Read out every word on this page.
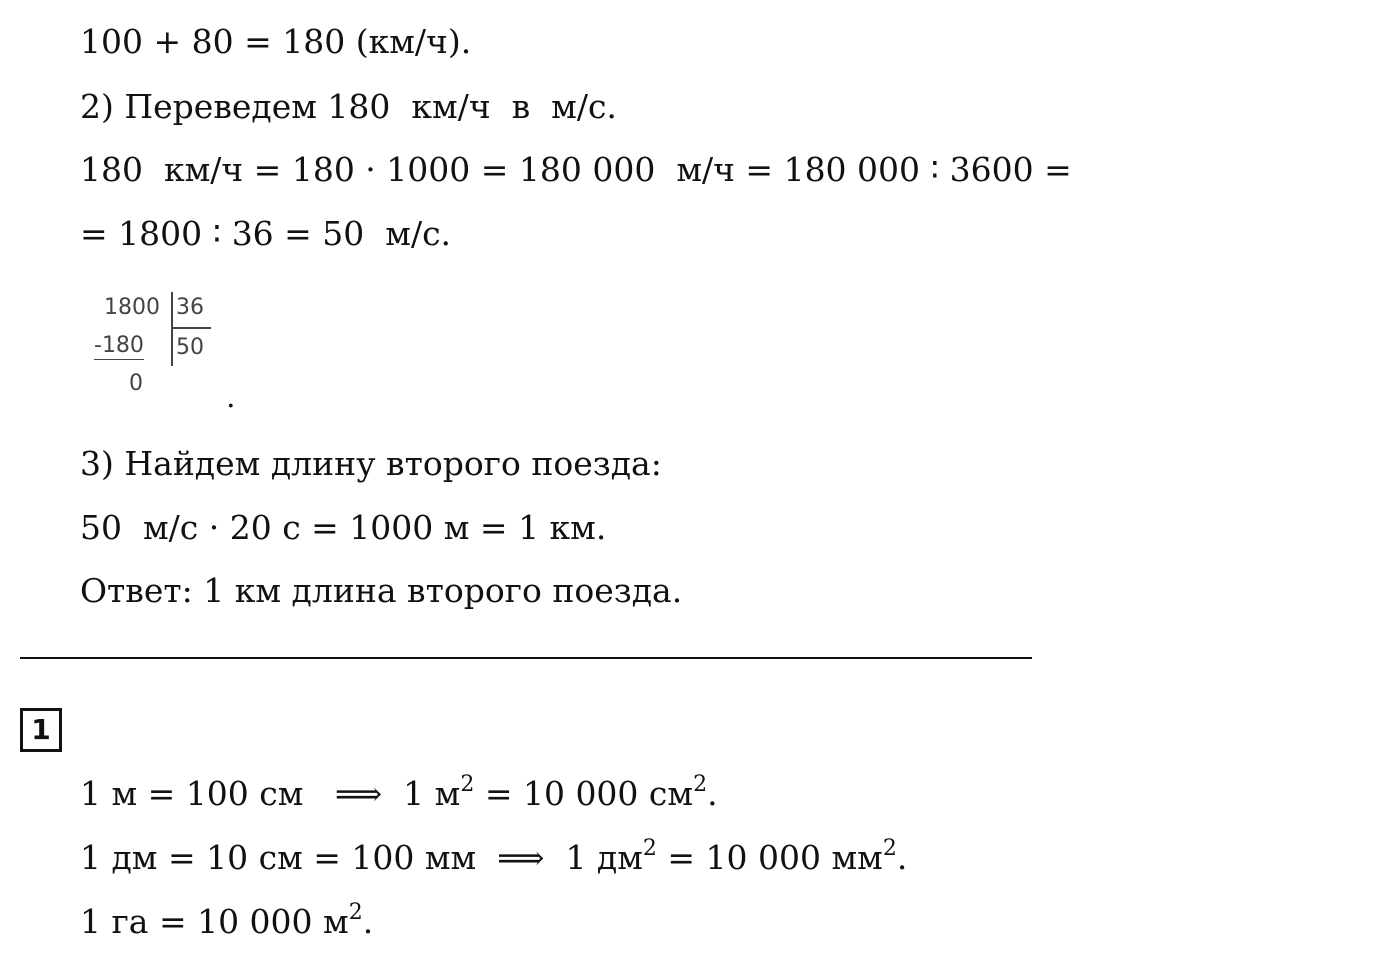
100 + 80 = 180 (км/ч).
2) Переведем 180  км/ч  в  м/с.
180  км/ч = 180 · 1000 = 180 000  м/ч = 180 000 ∶ 3600 =
= 1800 ∶ 36 = 50  м/с.
1800 36
-180 50
0	.
3) Найдем длину второго поезда:
50  м/с · 20 с = 1000 м = 1 км.
Ответ: 1 км длина второго поезда.
1
1 м = 100 см   ⟹  1 $м^2 = 10$ 000 $см^2$.
1 дм = 10 см = 100 мм  ⟹  1 $дм^2 = 10$ 000 $мм^2$.
1 га = 10 000 $м^2$.
